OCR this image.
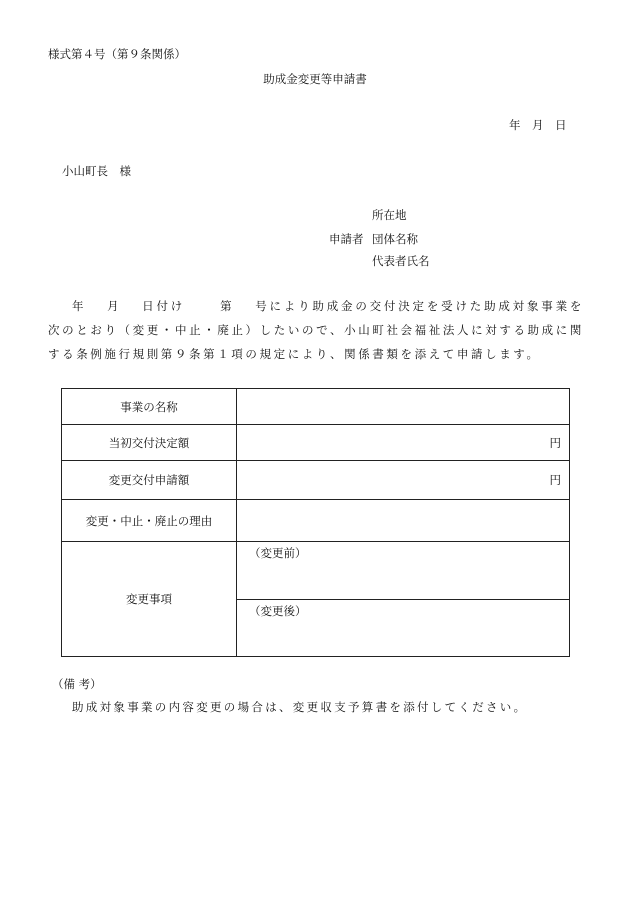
様式第４号（第９条関係）
助成金変更等申請書
年　月　日
小山町長　様
申請者
所在地
団体名称
代表者氏名
年　 月　 日付け　　 第　 号により助成金の交付決定を受けた助成対象事業を次のとおり（変更・中止・廃止）したいので、小山町社会福祉法人に対する助成に関する条例施行規則第９条第１項の規定により、関係書類を添えて申請します。
事業の名称	
当初交付決定額	円

変更交付申請額	円

変更・中止・廃止の理由	
変更事項	（変更前）
（変更後）
（備 考）
助成対象事業の内容変更の場合は、変更収支予算書を添付してください。
